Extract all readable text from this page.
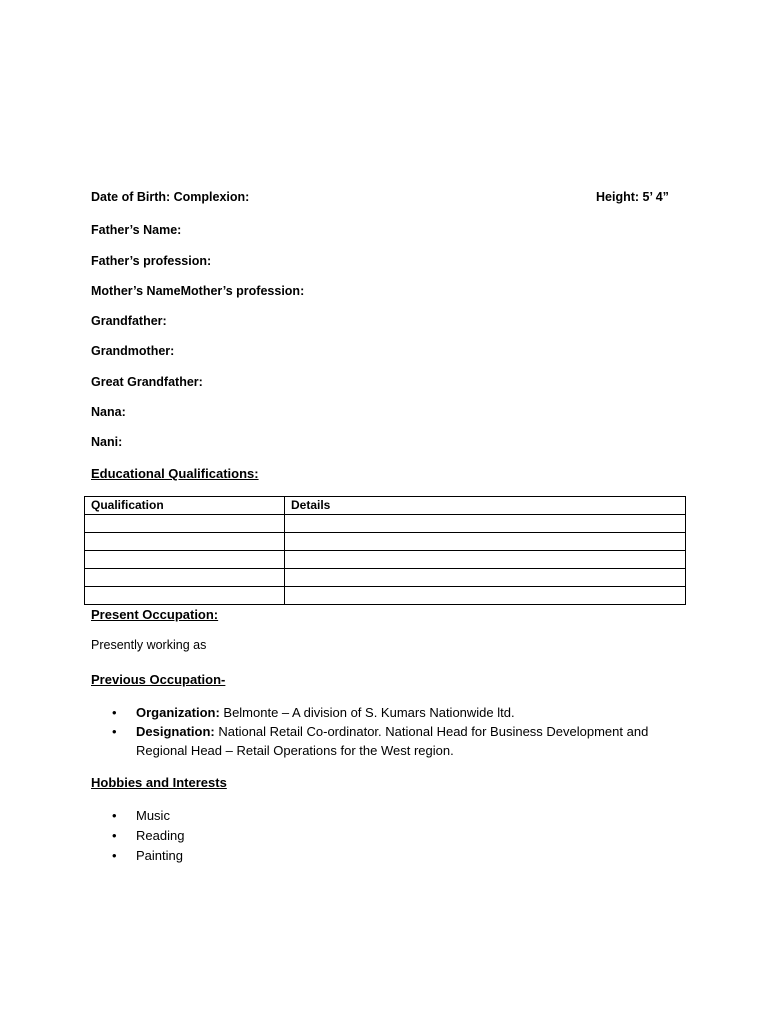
Date of Birth: Complexion:	Height: 5’ 4”
Father’s Name:
Father’s profession:
Mother’s NameMother’s profession:
Grandfather:
Grandmother:
Great Grandfather:
Nana:
Nani:
Educational Qualifications:
Qualification	Details

Present Occupation:
Presently working as
Previous Occupation-
• Organization: Belmonte – A division of S. Kumars Nationwide ltd.
• Designation: National Retail Co-ordinator. National Head for Business Development and Regional Head – Retail Operations for the West region.
Hobbies and Interests
• Music
• Reading
• Painting
